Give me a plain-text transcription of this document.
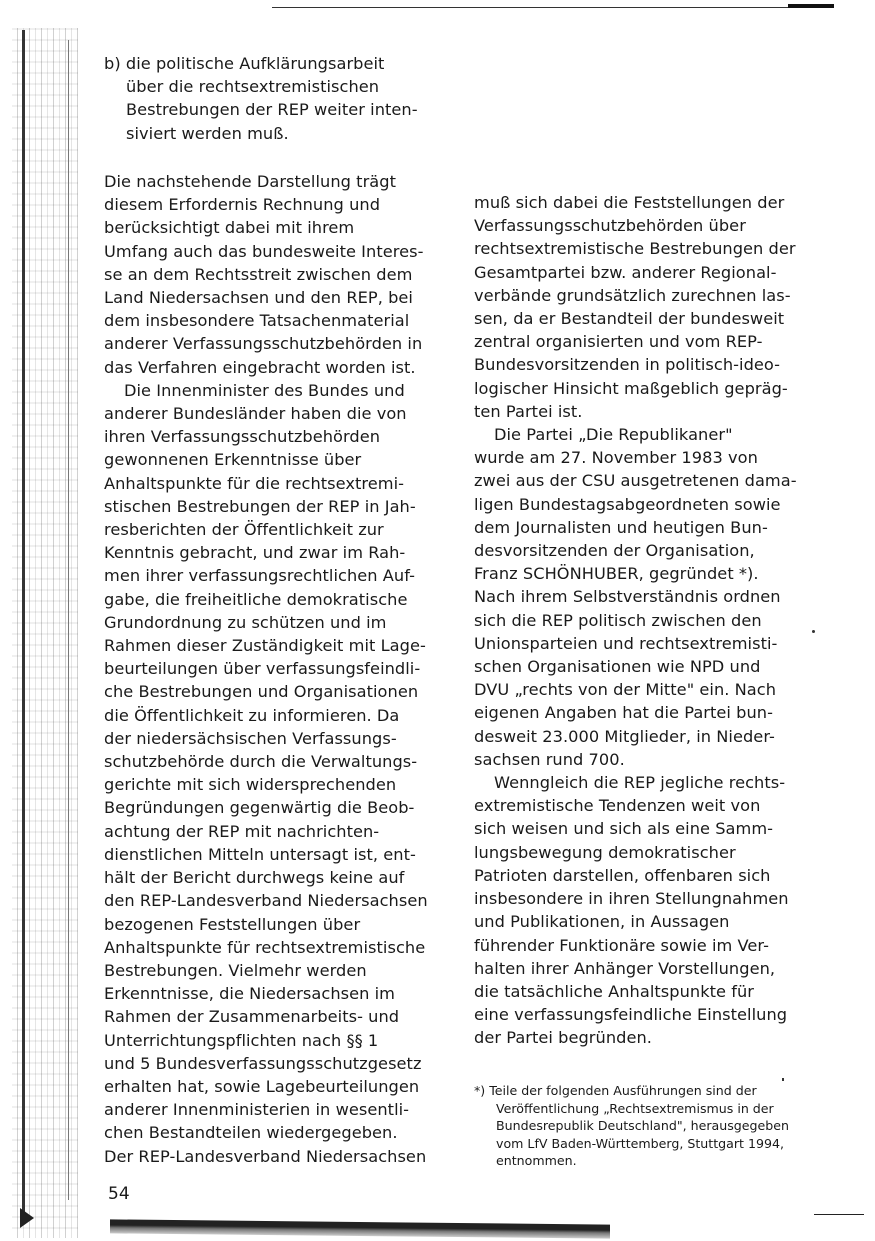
b) die politische Aufklärungsarbeit
über die rechtsextremistischen
Bestrebungen der REP weiter inten-
siviert werden muß.
Die nachstehende Darstellung trägt
diesem Erfordernis Rechnung und
berücksichtigt dabei mit ihrem
Umfang auch das bundesweite Interes-
se an dem Rechtsstreit zwischen dem
Land Niedersachsen und den REP, bei
dem insbesondere Tatsachenmaterial
anderer Verfassungsschutzbehörden in
das Verfahren eingebracht worden ist.
Die Innenminister des Bundes und
anderer Bundesländer haben die von
ihren Verfassungsschutzbehörden
gewonnenen Erkenntnisse über
Anhaltspunkte für die rechtsextremi-
stischen Bestrebungen der REP in Jah-
resberichten der Öffentlichkeit zur
Kenntnis gebracht, und zwar im Rah-
men ihrer verfassungsrechtlichen Auf-
gabe, die freiheitliche demokratische
Grundordnung zu schützen und im
Rahmen dieser Zuständigkeit mit Lage-
beurteilungen über verfassungsfeindli-
che Bestrebungen und Organisationen
die Öffentlichkeit zu informieren. Da
der niedersächsischen Verfassungs-
schutzbehörde durch die Verwaltungs-
gerichte mit sich widersprechenden
Begründungen gegenwärtig die Beob-
achtung der REP mit nachrichten-
dienstlichen Mitteln untersagt ist, ent-
hält der Bericht durchwegs keine auf
den REP-Landesverband Niedersachsen
bezogenen Feststellungen über
Anhaltspunkte für rechtsextremistische
Bestrebungen. Vielmehr werden
Erkenntnisse, die Niedersachsen im
Rahmen der Zusammenarbeits- und
Unterrichtungspflichten nach §§ 1
und 5 Bundesverfassungsschutzgesetz
erhalten hat, sowie Lagebeurteilungen
anderer Innenministerien in wesentli-
chen Bestandteilen wiedergegeben.
Der REP-Landesverband Niedersachsen
muß sich dabei die Feststellungen der
Verfassungsschutzbehörden über
rechtsextremistische Bestrebungen der
Gesamtpartei bzw. anderer Regional-
verbände grundsätzlich zurechnen las-
sen, da er Bestandteil der bundesweit
zentral organisierten und vom REP-
Bundesvorsitzenden in politisch-ideo-
logischer Hinsicht maßgeblich gepräg-
ten Partei ist.
Die Partei „Die Republikaner"
wurde am 27. November 1983 von
zwei aus der CSU ausgetretenen dama-
ligen Bundestagsabgeordneten sowie
dem Journalisten und heutigen Bun-
desvorsitzenden der Organisation,
Franz SCHÖNHUBER, gegründet *).
Nach ihrem Selbstverständnis ordnen
sich die REP politisch zwischen den
Unionsparteien und rechtsextremisti-
schen Organisationen wie NPD und
DVU „rechts von der Mitte" ein. Nach
eigenen Angaben hat die Partei bun-
desweit 23.000 Mitglieder, in Nieder-
sachsen rund 700.
Wenngleich die REP jegliche rechts-
extremistische Tendenzen weit von
sich weisen und sich als eine Samm-
lungsbewegung demokratischer
Patrioten darstellen, offenbaren sich
insbesondere in ihren Stellungnahmen
und Publikationen, in Aussagen
führender Funktionäre sowie im Ver-
halten ihrer Anhänger Vorstellungen,
die tatsächliche Anhaltspunkte für
eine verfassungsfeindliche Einstellung
der Partei begründen.
*) Teile der folgenden Ausführungen sind der
Veröffentlichung „Rechtsextremismus in der
Bundesrepublik Deutschland", herausgegeben
vom LfV Baden-Württemberg, Stuttgart 1994,
entnommen.
54
